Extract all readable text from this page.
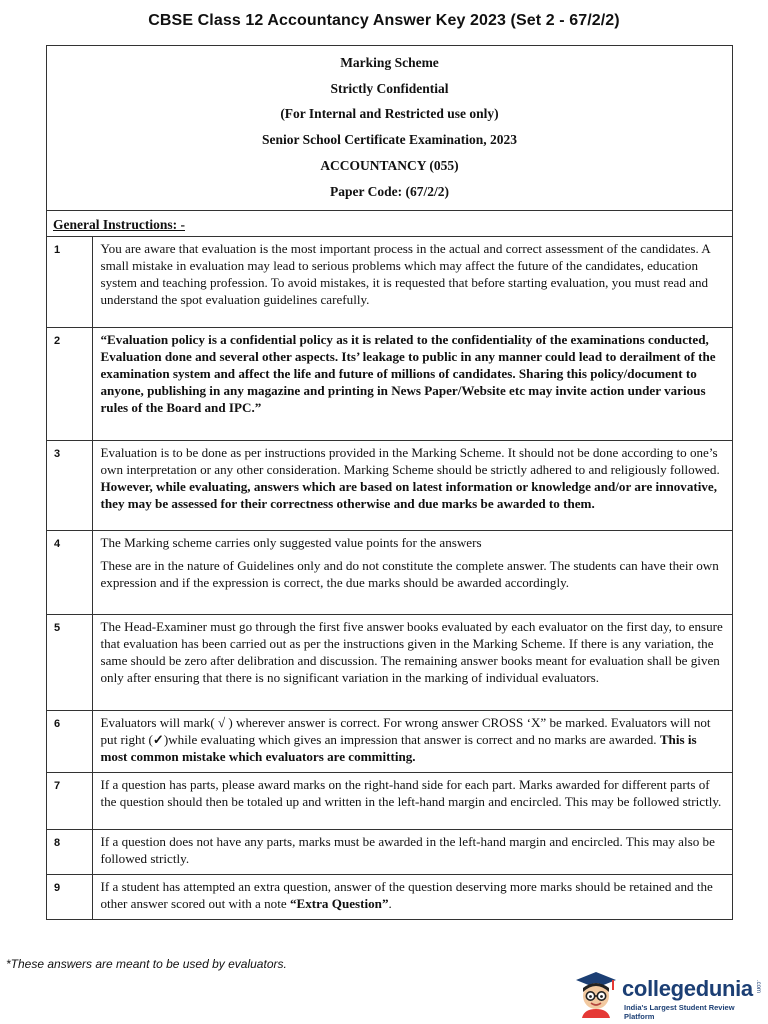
CBSE Class 12 Accountancy Answer Key 2023 (Set 2 - 67/2/2)
Marking Scheme
Strictly Confidential
(For Internal and Restricted use only)
Senior School Certificate Examination, 2023
ACCOUNTANCY (055)
Paper Code: (67/2/2)
General Instructions: -
1	You are aware that evaluation is the most important process in the actual and correct assessment of the candidates. A small mistake in evaluation may lead to serious problems which may affect the future of the candidates, education system and teaching profession. To avoid mistakes, it is requested that before starting evaluation, you must read and understand the spot evaluation guidelines carefully.

2	“Evaluation policy is a confidential policy as it is related to the confidentiality of the examinations conducted, Evaluation done and several other aspects. Its’ leakage to public in any manner could lead to derailment of the examination system and affect the life and future of millions of candidates. Sharing this policy/document to anyone, publishing in any magazine and printing in News Paper/Website etc may invite action under various rules of the Board and IPC.”

3	Evaluation is to be done as per instructions provided in the Marking Scheme. It should not be done according to one’s own interpretation or any other consideration. Marking Scheme should be strictly adhered to and religiously followed. However, while evaluating, answers which are based on latest information or knowledge and/or are innovative, they may be assessed for their correctness otherwise and due marks be awarded to them.

4	The Marking scheme carries only suggested value points for the answers
These are in the nature of Guidelines only and do not constitute the complete answer. The students can have their own expression and if the expression is correct, the due marks should be awarded accordingly.

5	The Head-Examiner must go through the first five answer books evaluated by each evaluator on the first day, to ensure that evaluation has been carried out as per the instructions given in the Marking Scheme. If there is any variation, the same should be zero after delibration and discussion. The remaining answer books meant for evaluation shall be given only after ensuring that there is no significant variation in the marking of individual evaluators.

6	Evaluators will mark( √ ) wherever answer is correct. For wrong answer CROSS ‘X” be marked. Evaluators will not put right (✓)while evaluating which gives an impression that answer is correct and no marks are awarded. This is most common mistake which evaluators are committing.

7	If a question has parts, please award marks on the right-hand side for each part. Marks awarded for different parts of the question should then be totaled up and written in the left-hand margin and encircled. This may be followed strictly.

8	If a question does not have any parts, marks must be awarded in the left-hand margin and encircled. This may also be followed strictly.

9	If a student has attempted an extra question, answer of the question deserving more marks should be retained and the other answer scored out with a note “Extra Question”.
*These answers are meant to be used by evaluators.
collegedunia .com
India's Largest Student Review Platform
